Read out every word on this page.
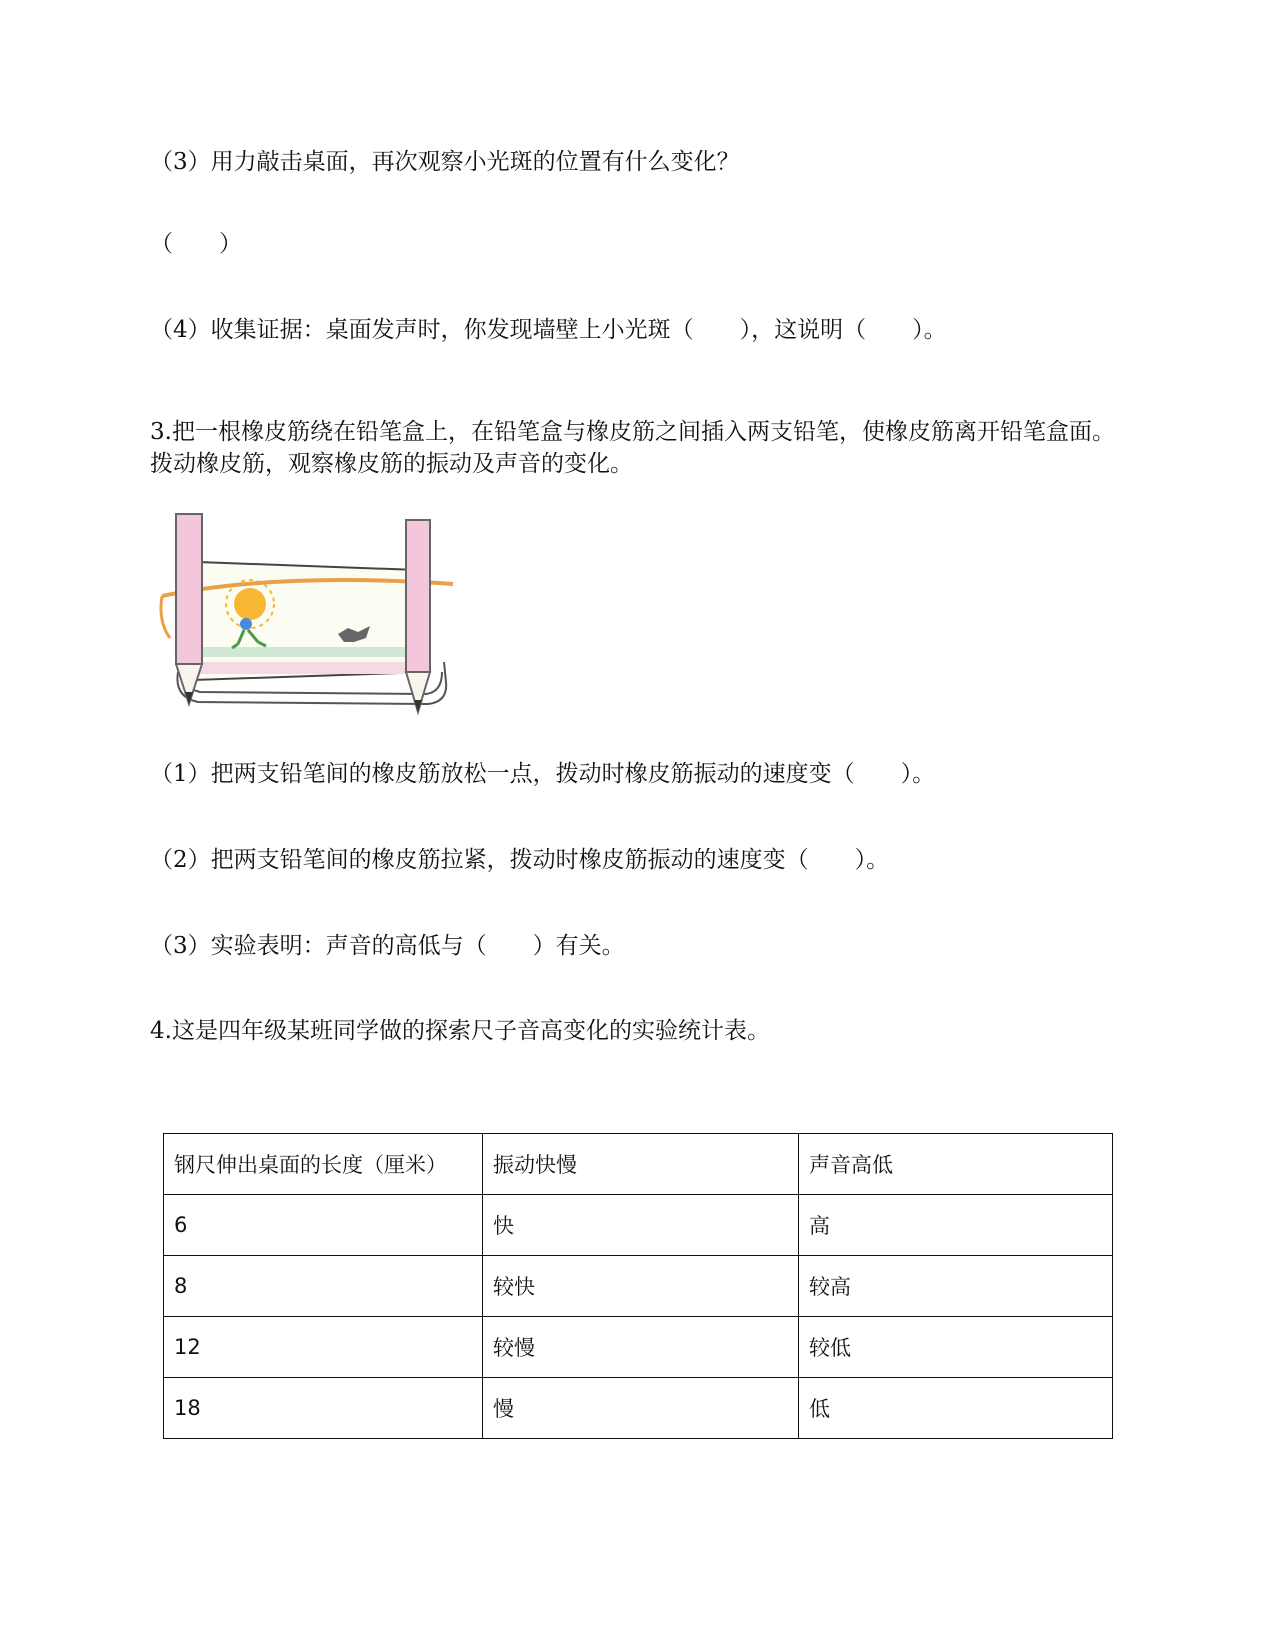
（3）用力敲击桌面，再次观察小光斑的位置有什么变化？
（　　）
（4）收集证据：桌面发声时，你发现墙壁上小光斑（　　），这说明（　　）。
3.把一根橡皮筋绕在铅笔盒上，在铅笔盒与橡皮筋之间插入两支铅笔，使橡皮筋离开铅笔盒面。拨动橡皮筋，观察橡皮筋的振动及声音的变化。
（1）把两支铅笔间的橡皮筋放松一点，拨动时橡皮筋振动的速度变（　　）。
（2）把两支铅笔间的橡皮筋拉紧，拨动时橡皮筋振动的速度变（　　）。
（3）实验表明：声音的高低与（　　）有关。
4.这是四年级某班同学做的探索尺子音高变化的实验统计表。
钢尺伸出桌面的长度（厘米）	振动快慢	声音高低
6	快	高
8	较快	较高
12	较慢	较低
18	慢	低
